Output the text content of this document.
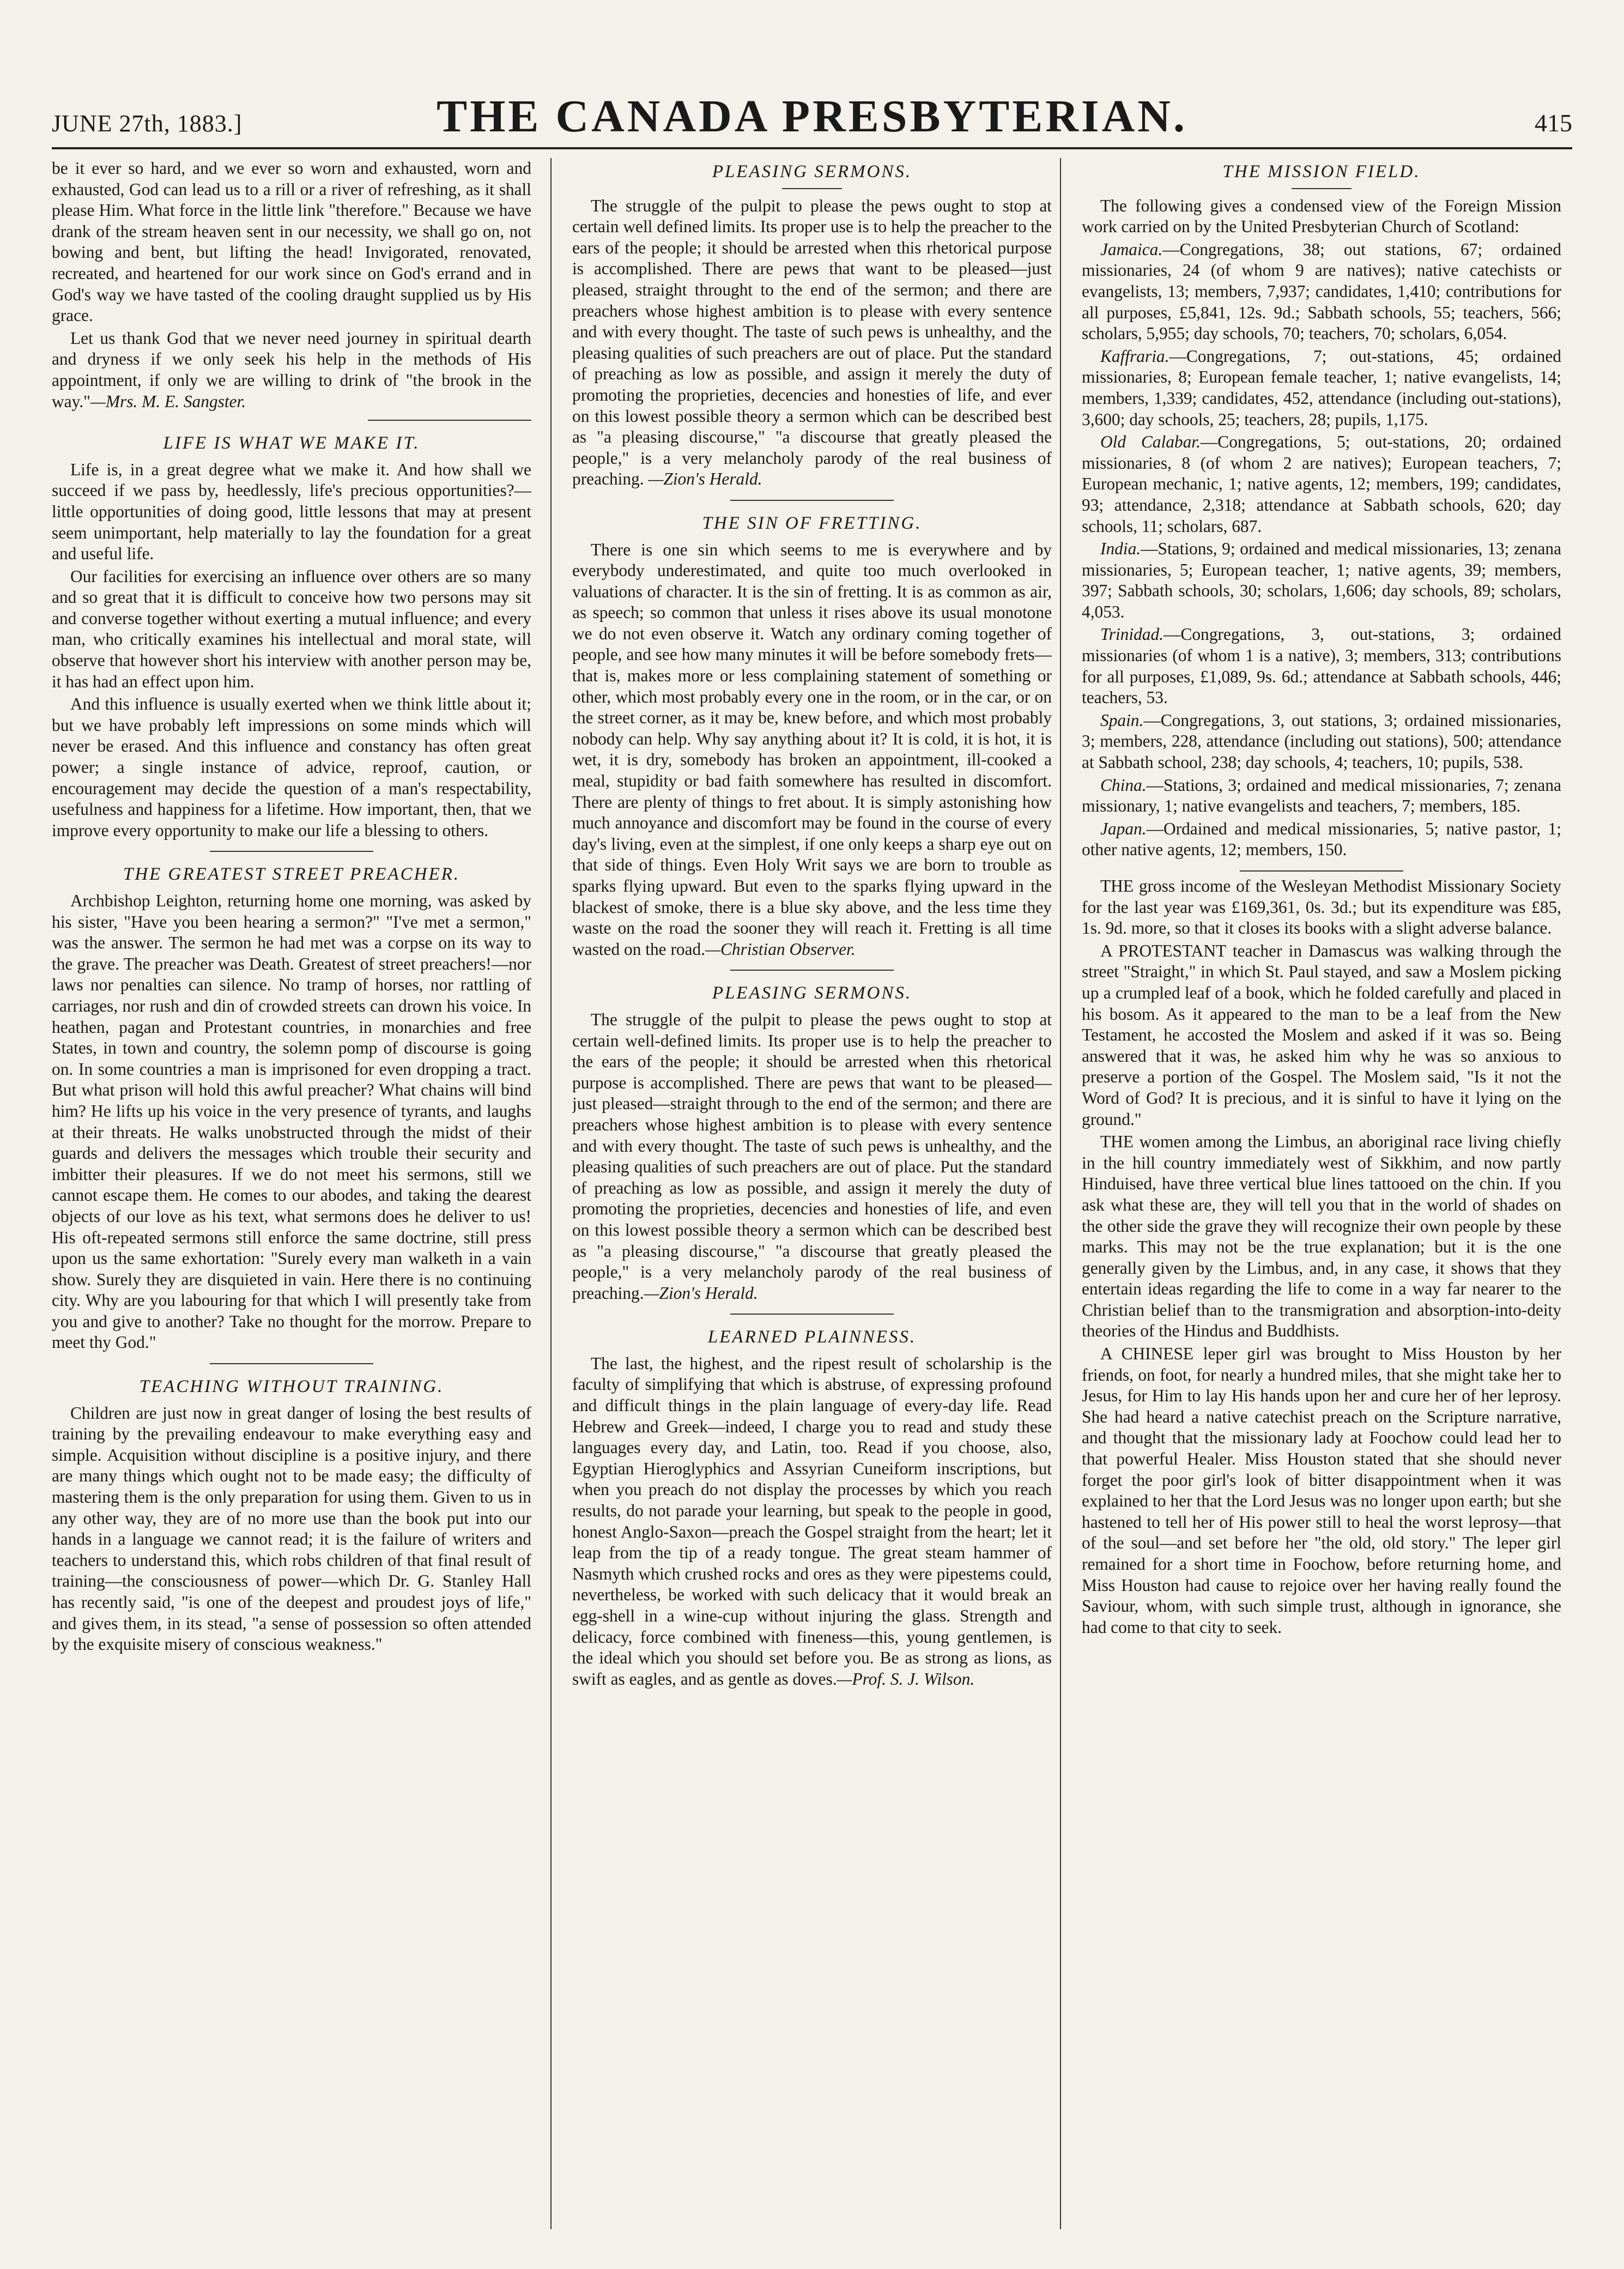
JUNE 27th, 1883.]	THE CANADA PRESBYTERIAN.	415

be it ever so hard, and we ever so worn and exhausted, worn and exhausted, God can lead us to a rill or a river of refreshing, as it shall please Him. What force in the little link "therefore." Because we have drank of the stream heaven sent in our necessity, we shall go on, not bowing and bent, but lifting the head! Invigorated, renovated, recreated, and heartened for our work since on God's errand and in God's way we have tasted of the cooling draught supplied us by His grace.

Let us thank God that we never need journey in spiritual dearth and dryness if we only seek his help in the methods of His appointment, if only we are willing to drink of "the brook in the way."—Mrs. M. E. Sangster.

LIFE IS WHAT WE MAKE IT.

Life is, in a great degree what we make it. And how shall we succeed if we pass by, heedlessly, life's precious opportunities?—little opportunities of doing good, little lessons that may at present seem unimportant, help materially to lay the foundation for a great and useful life.

Our facilities for exercising an influence over others are so many and so great that it is difficult to conceive how two persons may sit and converse together without exerting a mutual influence; and every man, who critically examines his intellectual and moral state, will observe that however short his interview with another person may be, it has had an effect upon him.

And this influence is usually exerted when we think little about it; but we have probably left impressions on some minds which will never be erased. And this influence and constancy has often great power; a single instance of advice, reproof, caution, or encouragement may decide the question of a man's respectability, usefulness and happiness for a lifetime. How important, then, that we improve every opportunity to make our life a blessing to others.

THE GREATEST STREET PREACHER.

Archbishop Leighton, returning home one morning, was asked by his sister, "Have you been hearing a sermon?" "I've met a sermon," was the answer. The sermon he had met was a corpse on its way to the grave. The preacher was Death. Greatest of street preachers!—nor laws nor penalties can silence. No tramp of horses, nor rattling of carriages, nor rush and din of crowded streets can drown his voice. In heathen, pagan and Protestant countries, in monarchies and free States, in town and country, the solemn pomp of discourse is going on. In some countries a man is imprisoned for even dropping a tract. But what prison will hold this awful preacher? What chains will bind him? He lifts up his voice in the very presence of tyrants, and laughs at their threats. He walks unobstructed through the midst of their guards and delivers the messages which trouble their security and imbitter their pleasures. If we do not meet his sermons, still we cannot escape them. He comes to our abodes, and taking the dearest objects of our love as his text, what sermons does he deliver to us! His oft-repeated sermons still enforce the same doctrine, still press upon us the same exhortation: "Surely every man walketh in a vain show. Surely they are disquieted in vain. Here there is no continuing city. Why are you labouring for that which I will presently take from you and give to another? Take no thought for the morrow. Prepare to meet thy God."

TEACHING WITHOUT TRAINING.

Children are just now in great danger of losing the best results of training by the prevailing endeavour to make everything easy and simple. Acquisition without discipline is a positive injury, and there are many things which ought not to be made easy; the difficulty of mastering them is the only preparation for using them. Given to us in any other way, they are of no more use than the book put into our hands in a language we cannot read; it is the failure of writers and teachers to understand this, which robs children of that final result of training—the consciousness of power—which Dr. G. Stanley Hall has recently said, "is one of the deepest and proudest joys of life," and gives them, in its stead, "a sense of possession so often attended by the exquisite misery of conscious weakness."

PLEASING SERMONS.

The struggle of the pulpit to please the pews ought to stop at certain well defined limits. Its proper use is to help the preacher to the ears of the people; it should be arrested when this rhetorical purpose is accomplished. There are pews that want to be pleased—just pleased, straight throught to the end of the sermon; and there are preachers whose highest ambition is to please with every sentence and with every thought. The taste of such pews is unhealthy, and the pleasing qualities of such preachers are out of place. Put the standard of preaching as low as possible, and assign it merely the duty of promoting the proprieties, decencies and honesties of life, and ever on this lowest possible theory a sermon which can be described best as "a pleasing discourse," "a discourse that greatly pleased the people," is a very melancholy parody of the real business of preaching. —Zion's Herald.

THE SIN OF FRETTING.

There is one sin which seems to me is everywhere and by everybody underestimated, and quite too much overlooked in valuations of character. It is the sin of fretting. It is as common as air, as speech; so common that unless it rises above its usual monotone we do not even observe it. Watch any ordinary coming together of people, and see how many minutes it will be before somebody frets—that is, makes more or less complaining statement of something or other, which most probably every one in the room, or in the car, or on the street corner, as it may be, knew before, and which most probably nobody can help. Why say anything about it? It is cold, it is hot, it is wet, it is dry, somebody has broken an appointment, ill-cooked a meal, stupidity or bad faith somewhere has resulted in discomfort. There are plenty of things to fret about. It is simply astonishing how much annoyance and discomfort may be found in the course of every day's living, even at the simplest, if one only keeps a sharp eye out on that side of things. Even Holy Writ says we are born to trouble as sparks flying upward. But even to the sparks flying upward in the blackest of smoke, there is a blue sky above, and the less time they waste on the road the sooner they will reach it. Fretting is all time wasted on the road.—Christian Observer.

PLEASING SERMONS.

The struggle of the pulpit to please the pews ought to stop at certain well-defined limits. Its proper use is to help the preacher to the ears of the people; it should be arrested when this rhetorical purpose is accomplished. There are pews that want to be pleased—just pleased—straight through to the end of the sermon; and there are preachers whose highest ambition is to please with every sentence and with every thought. The taste of such pews is unhealthy, and the pleasing qualities of such preachers are out of place. Put the standard of preaching as low as possible, and assign it merely the duty of promoting the proprieties, decencies and honesties of life, and even on this lowest possible theory a sermon which can be described best as "a pleasing discourse," "a discourse that greatly pleased the people," is a very melancholy parody of the real business of preaching.—Zion's Herald.

LEARNED PLAINNESS.

The last, the highest, and the ripest result of scholarship is the faculty of simplifying that which is abstruse, of expressing profound and difficult things in the plain language of every-day life. Read Hebrew and Greek—indeed, I charge you to read and study these languages every day, and Latin, too. Read if you choose, also, Egyptian Hieroglyphics and Assyrian Cuneiform inscriptions, but when you preach do not display the processes by which you reach results, do not parade your learning, but speak to the people in good, honest Anglo-Saxon—preach the Gospel straight from the heart; let it leap from the tip of a ready tongue. The great steam hammer of Nasmyth which crushed rocks and ores as they were pipestems could, nevertheless, be worked with such delicacy that it would break an egg-shell in a wine-cup without injuring the glass. Strength and delicacy, force combined with fineness—this, young gentlemen, is the ideal which you should set before you. Be as strong as lions, as swift as eagles, and as gentle as doves.—Prof. S. J. Wilson.

THE MISSION FIELD.

The following gives a condensed view of the Foreign Mission work carried on by the United Presbyterian Church of Scotland:

Jamaica.—Congregations, 38; out stations, 67; ordained missionaries, 24 (of whom 9 are natives); native catechists or evangelists, 13; members, 7,937; candidates, 1,410; contributions for all purposes, £5,841, 12s. 9d.; Sabbath schools, 55; teachers, 566; scholars, 5,955; day schools, 70; teachers, 70; scholars, 6,054.

Kaffraria.—Congregations, 7; out-stations, 45; ordained missionaries, 8; European female teacher, 1; native evangelists, 14; members, 1,339; candidates, 452, attendance (including out-stations), 3,600; day schools, 25; teachers, 28; pupils, 1,175.

Old Calabar.—Congregations, 5; out-stations, 20; ordained missionaries, 8 (of whom 2 are natives); European teachers, 7; European mechanic, 1; native agents, 12; members, 199; candidates, 93; attendance, 2,318; attendance at Sabbath schools, 620; day schools, 11; scholars, 687.

India.—Stations, 9; ordained and medical missionaries, 13; zenana missionaries, 5; European teacher, 1; native agents, 39; members, 397; Sabbath schools, 30; scholars, 1,606; day schools, 89; scholars, 4,053.

Trinidad.—Congregations, 3, out-stations, 3; ordained missionaries (of whom 1 is a native), 3; members, 313; contributions for all purposes, £1,089, 9s. 6d.; attendance at Sabbath schools, 446; teachers, 53.

Spain.—Congregations, 3, out stations, 3; ordained missionaries, 3; members, 228, attendance (including out stations), 500; attendance at Sabbath school, 238; day schools, 4; teachers, 10; pupils, 538.

China.—Stations, 3; ordained and medical missionaries, 7; zenana missionary, 1; native evangelists and teachers, 7; members, 185.

Japan.—Ordained and medical missionaries, 5; native pastor, 1; other native agents, 12; members, 150.

THE gross income of the Wesleyan Methodist Missionary Society for the last year was £169,361, 0s. 3d.; but its expenditure was £85, 1s. 9d. more, so that it closes its books with a slight adverse balance.

A PROTESTANT teacher in Damascus was walking through the street "Straight," in which St. Paul stayed, and saw a Moslem picking up a crumpled leaf of a book, which he folded carefully and placed in his bosom. As it appeared to the man to be a leaf from the New Testament, he accosted the Moslem and asked if it was so. Being answered that it was, he asked him why he was so anxious to preserve a portion of the Gospel. The Moslem said, "Is it not the Word of God? It is precious, and it is sinful to have it lying on the ground."

THE women among the Limbus, an aboriginal race living chiefly in the hill country immediately west of Sikkhim, and now partly Hinduised, have three vertical blue lines tattooed on the chin. If you ask what these are, they will tell you that in the world of shades on the other side the grave they will recognize their own people by these marks. This may not be the true explanation; but it is the one generally given by the Limbus, and, in any case, it shows that they entertain ideas regarding the life to come in a way far nearer to the Christian belief than to the transmigration and absorption-into-deity theories of the Hindus and Buddhists.

A CHINESE leper girl was brought to Miss Houston by her friends, on foot, for nearly a hundred miles, that she might take her to Jesus, for Him to lay His hands upon her and cure her of her leprosy. She had heard a native catechist preach on the Scripture narrative, and thought that the missionary lady at Foochow could lead her to that powerful Healer. Miss Houston stated that she should never forget the poor girl's look of bitter disappointment when it was explained to her that the Lord Jesus was no longer upon earth; but she hastened to tell her of His power still to heal the worst leprosy—that of the soul—and set before her "the old, old story." The leper girl remained for a short time in Foochow, before returning home, and Miss Houston had cause to rejoice over her having really found the Saviour, whom, with such simple trust, although in ignorance, she had come to that city to seek.
